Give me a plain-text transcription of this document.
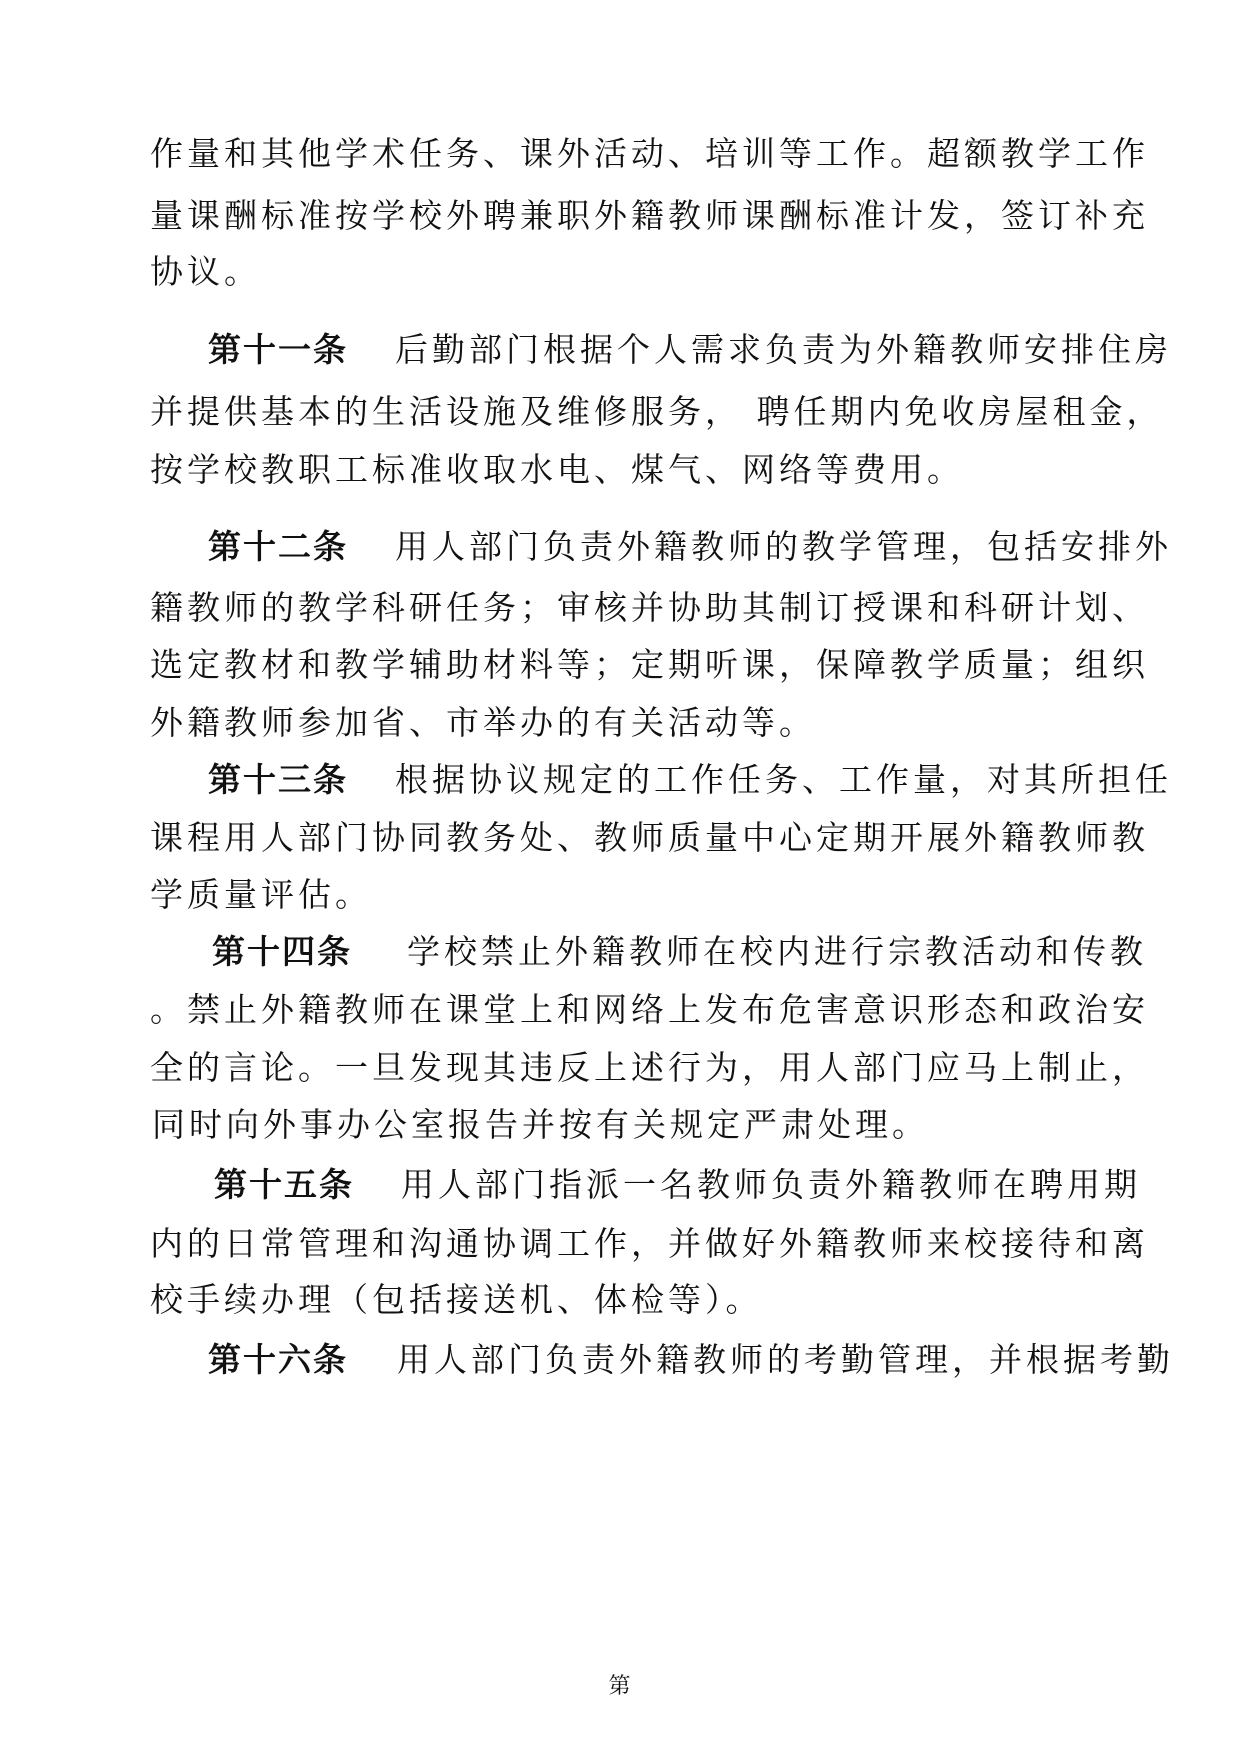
作量和其他学术任务、课外活动、培训等工作。超额教学工作
量课酬标准按学校外聘兼职外籍教师课酬标准计发，签订补充
协议。
第十一条 后勤部门根据个人需求负责为外籍教师安排住房
并提供基本的生活设施及维修服务， 聘任期内免收房屋租金，
按学校教职工标准收取水电、煤气、网络等费用。
第十二条 用人部门负责外籍教师的教学管理，包括安排外
籍教师的教学科研任务；审核并协助其制订授课和科研计划、
选定教材和教学辅助材料等；定期听课，保障教学质量；组织
外籍教师参加省、市举办的有关活动等。
第十三条 根据协议规定的工作任务、工作量，对其所担任
课程用人部门协同教务处、教师质量中心定期开展外籍教师教
学质量评估。
第十四条 学校禁止外籍教师在校内进行宗教活动和传教
。禁止外籍教师在课堂上和网络上发布危害意识形态和政治安
全的言论。一旦发现其违反上述行为，用人部门应马上制止，
同时向外事办公室报告并按有关规定严肃处理。
第十五条 用人部门指派一名教师负责外籍教师在聘用期
内的日常管理和沟通协调工作，并做好外籍教师来校接待和离
校手续办理（包括接送机、体检等）。
第十六条 用人部门负责外籍教师的考勤管理，并根据考勤
第
